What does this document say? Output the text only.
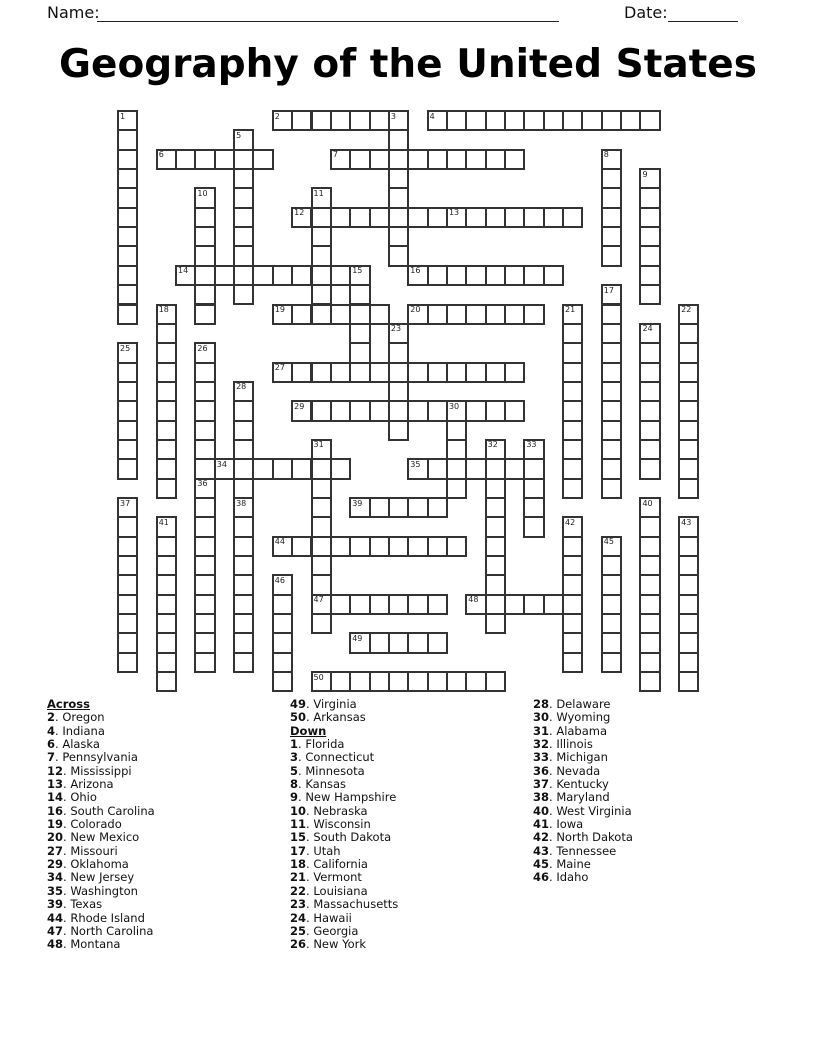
Name:	Date:
Geography of the United States
1	2	3	4
5
6	7	8
9
10	11
12	13
14	15	16
17
18	19	20	21	22
23	24
25	26
27
28
29	30
31	32	33
34	35
36
37	38	39	40
41	42	43
44	45
46
47	48
49
50
Across
2. Oregon
4. Indiana
6. Alaska
7. Pennsylvania
12. Mississippi
13. Arizona
14. Ohio
16. South Carolina
19. Colorado
20. New Mexico
27. Missouri
29. Oklahoma
34. New Jersey
35. Washington
39. Texas
44. Rhode Island
47. North Carolina
48. Montana
49. Virginia
50. Arkansas
Down
1. Florida
3. Connecticut
5. Minnesota
8. Kansas
9. New Hampshire
10. Nebraska
11. Wisconsin
15. South Dakota
17. Utah
18. California
21. Vermont
22. Louisiana
23. Massachusetts
24. Hawaii
25. Georgia
26. New York
28. Delaware
30. Wyoming
31. Alabama
32. Illinois
33. Michigan
36. Nevada
37. Kentucky
38. Maryland
40. West Virginia
41. Iowa
42. North Dakota
43. Tennessee
45. Maine
46. Idaho
